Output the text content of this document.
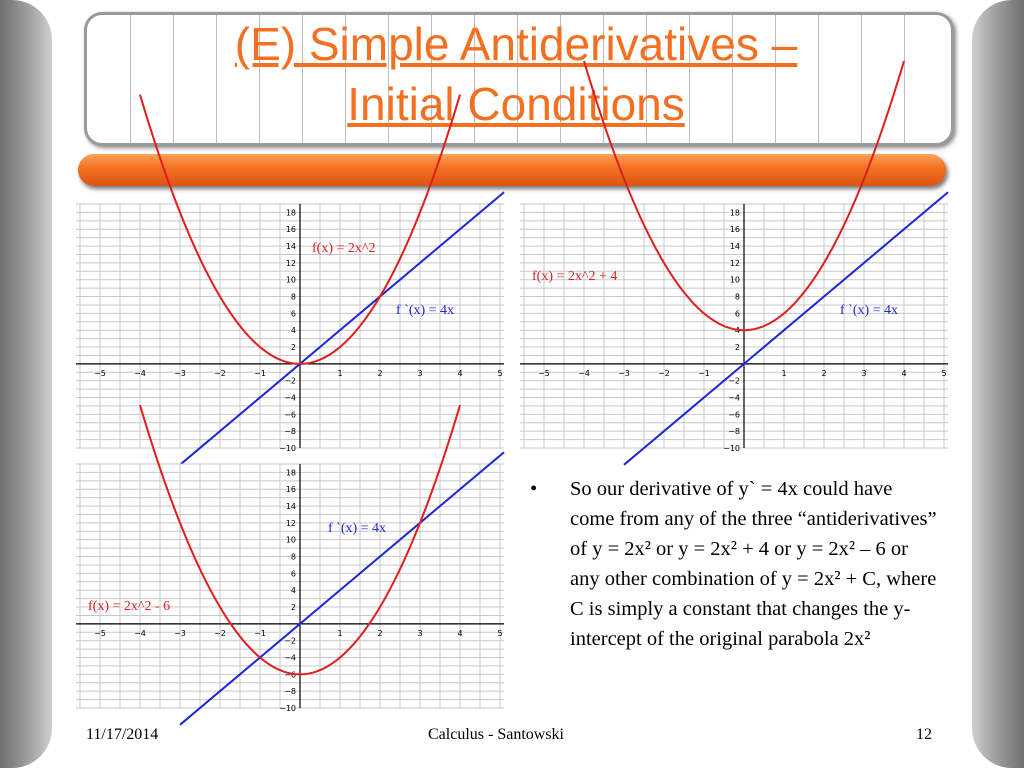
(E) Simple Antiderivatives –
Initial Conditions
−5	−4	−3	−2	−1	1	2	3	4	5
18
16
14
12
10
8
6
4
2
−2
−4
−6
−8
−10
f(x) = 2x^2
f `(x) = 4x
−5	−4	−3	−2	−1	1	2	3	4	5
18
16
14
12
10
8
6
4
2
−2
−4
−6
−8
−10
f(x) = 2x^2 + 4
f `(x) = 4x
−5	−4	−3	−2	−1	1	2	3	4	5
18
16
14
12
10
8
6
4
2
−2
−4
−6
−8
−10
f(x) = 2x^2 - 6
f `(x) = 4x
• So our derivative of y` = 4x could have come from any of the three “antiderivatives” of y = 2x² or y = 2x² + 4 or y = 2x² – 6 or any other combination of y = 2x² + C, where C is simply a constant that changes the y-intercept of the original parabola 2x²
11/17/2014	Calculus - Santowski	12
